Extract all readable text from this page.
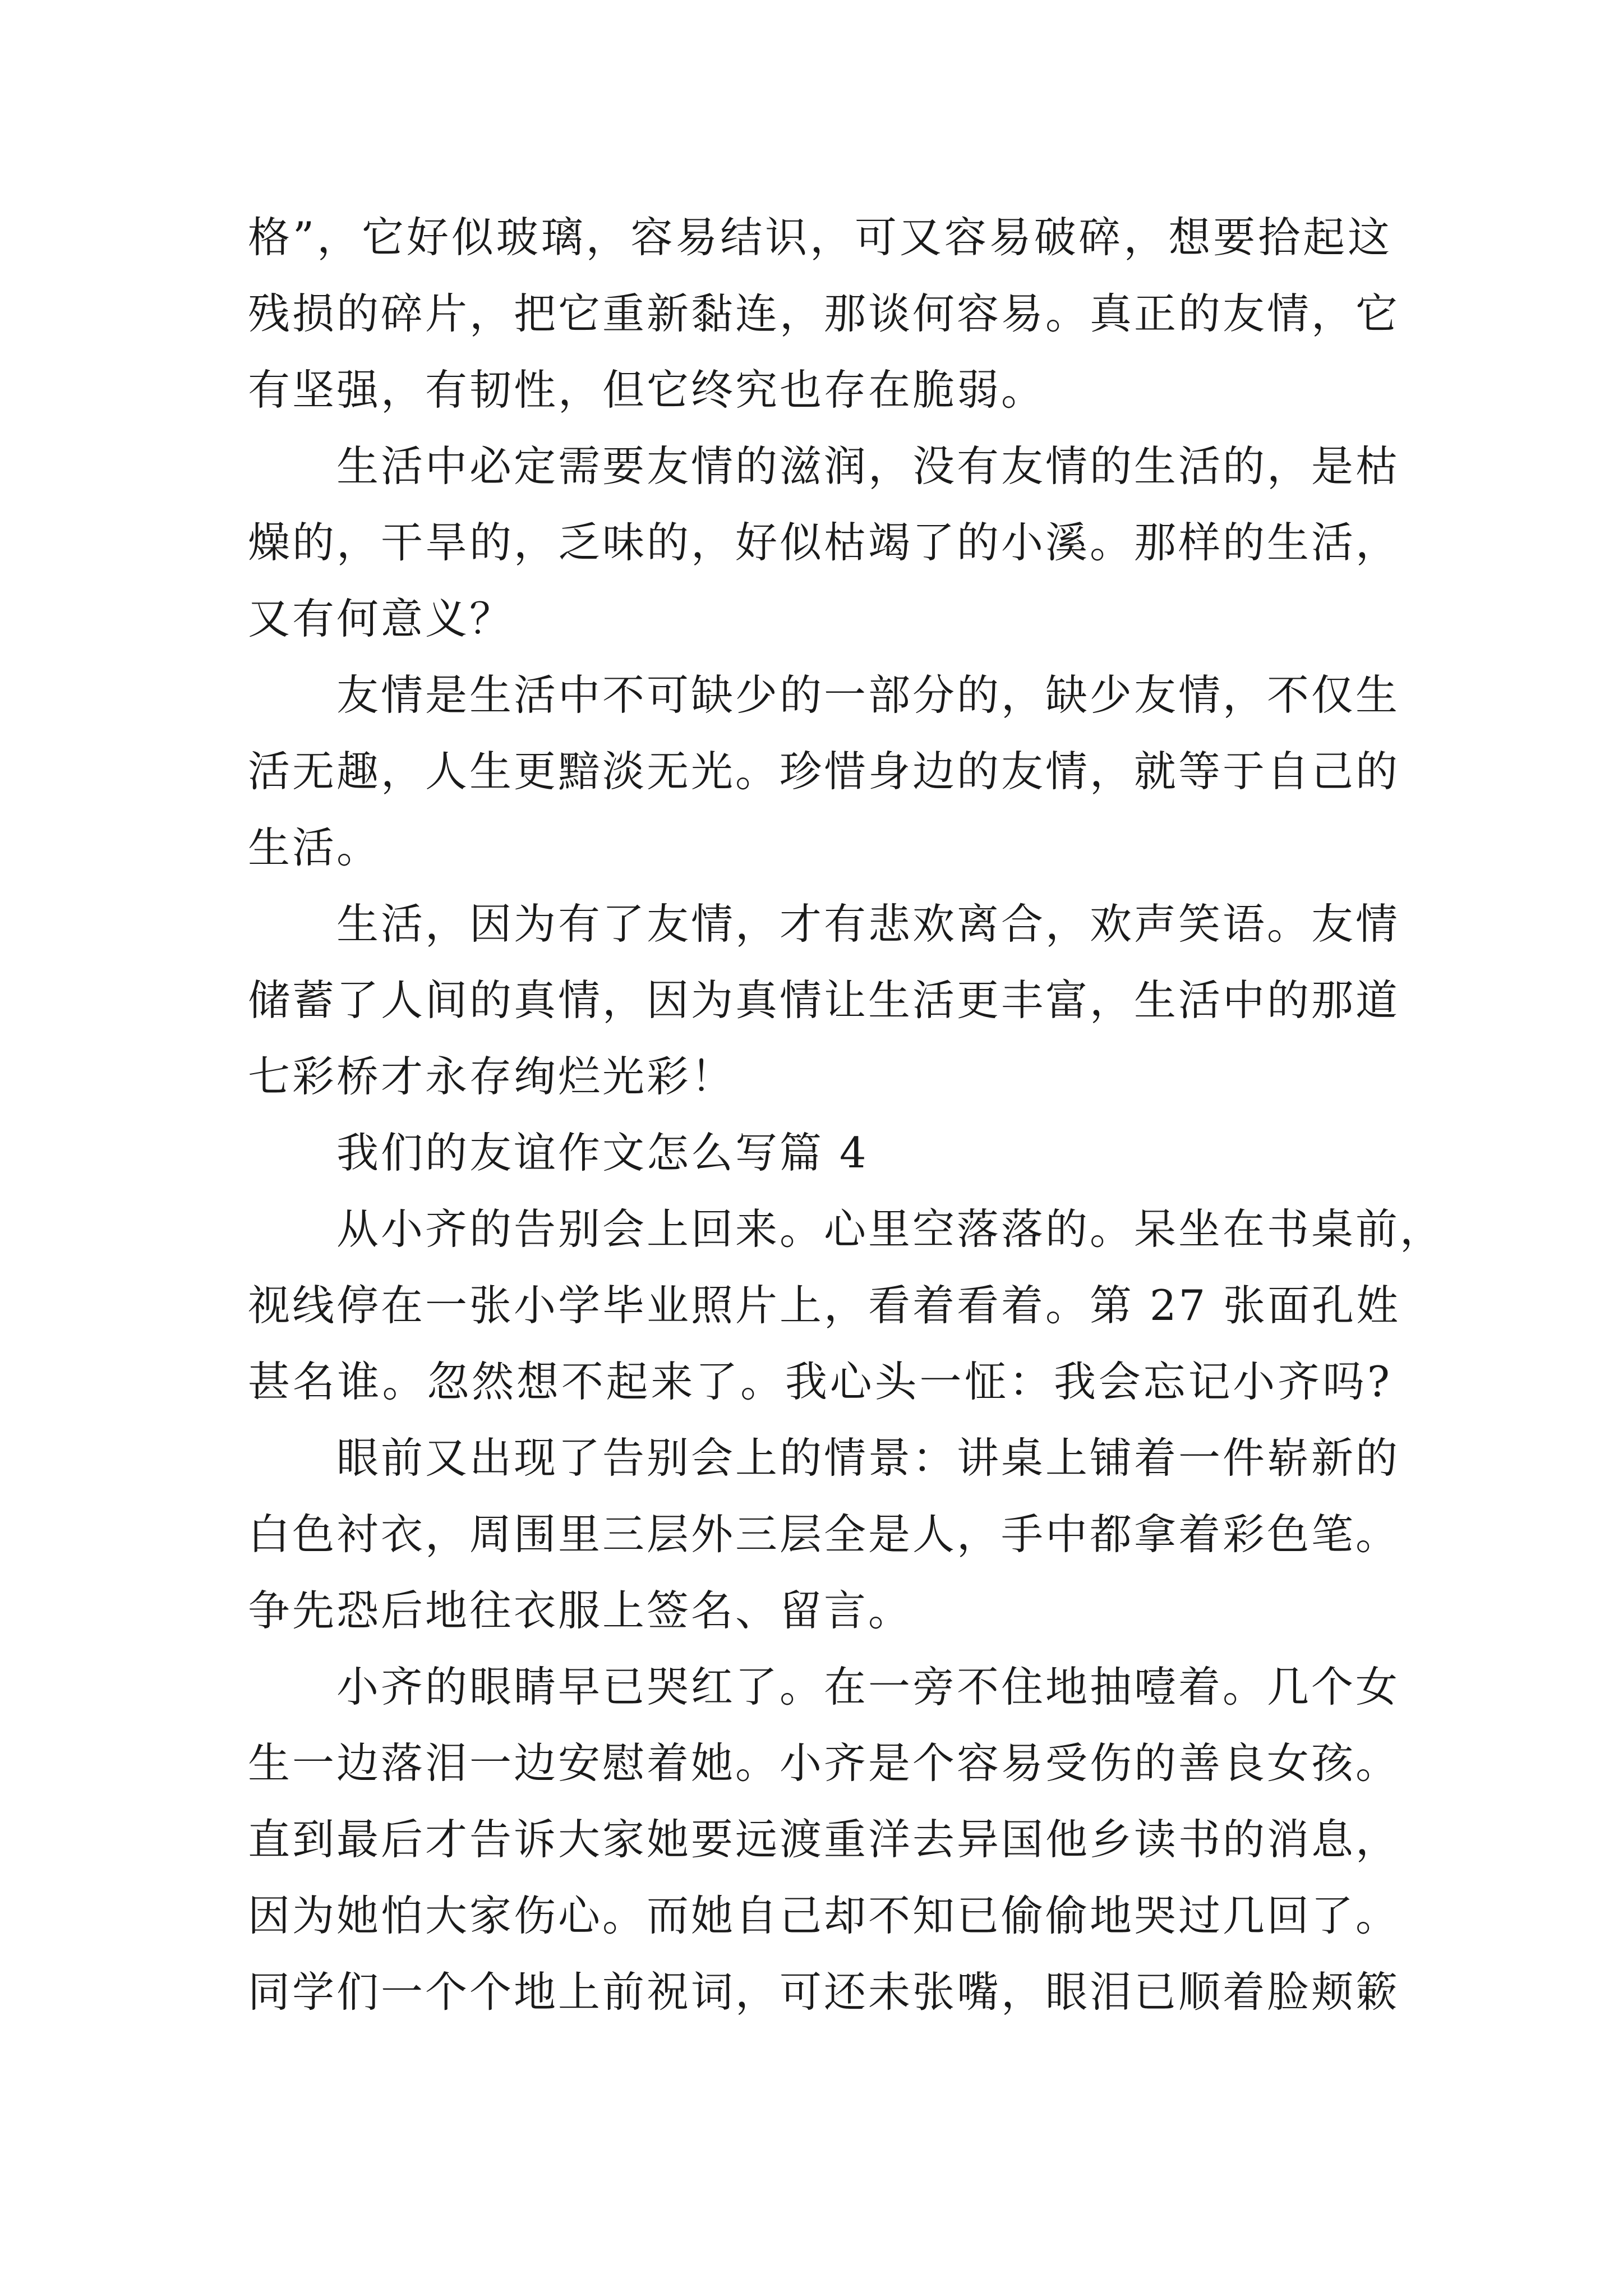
格”，它好似玻璃，容易结识，可又容易破碎，想要拾起这
残损的碎片，把它重新黏连，那谈何容易。真正的友情，它
有坚强，有韧性，但它终究也存在脆弱。
生活中必定需要友情的滋润，没有友情的生活的，是枯
燥的，干旱的，乏味的，好似枯竭了的小溪。那样的生活，
又有何意义？
友情是生活中不可缺少的一部分的，缺少友情，不仅生
活无趣，人生更黯淡无光。珍惜身边的友情，就等于自己的
生活。
生活，因为有了友情，才有悲欢离合，欢声笑语。友情
储蓄了人间的真情，因为真情让生活更丰富，生活中的那道
七彩桥才永存绚烂光彩！
我们的友谊作文怎么写篇 4
从小齐的告别会上回来。心里空落落的。呆坐在书桌前，
视线停在一张小学毕业照片上，看着看着。第 27 张面孔姓
甚名谁。忽然想不起来了。我心头一怔：我会忘记小齐吗?
眼前又出现了告别会上的情景：讲桌上铺着一件崭新的
白色衬衣，周围里三层外三层全是人，手中都拿着彩色笔。
争先恐后地往衣服上签名、留言。
小齐的眼睛早已哭红了。在一旁不住地抽噎着。几个女
生一边落泪一边安慰着她。小齐是个容易受伤的善良女孩。
直到最后才告诉大家她要远渡重洋去异国他乡读书的消息，
因为她怕大家伤心。而她自己却不知已偷偷地哭过几回了。
同学们一个个地上前祝词，可还未张嘴，眼泪已顺着脸颊簌
